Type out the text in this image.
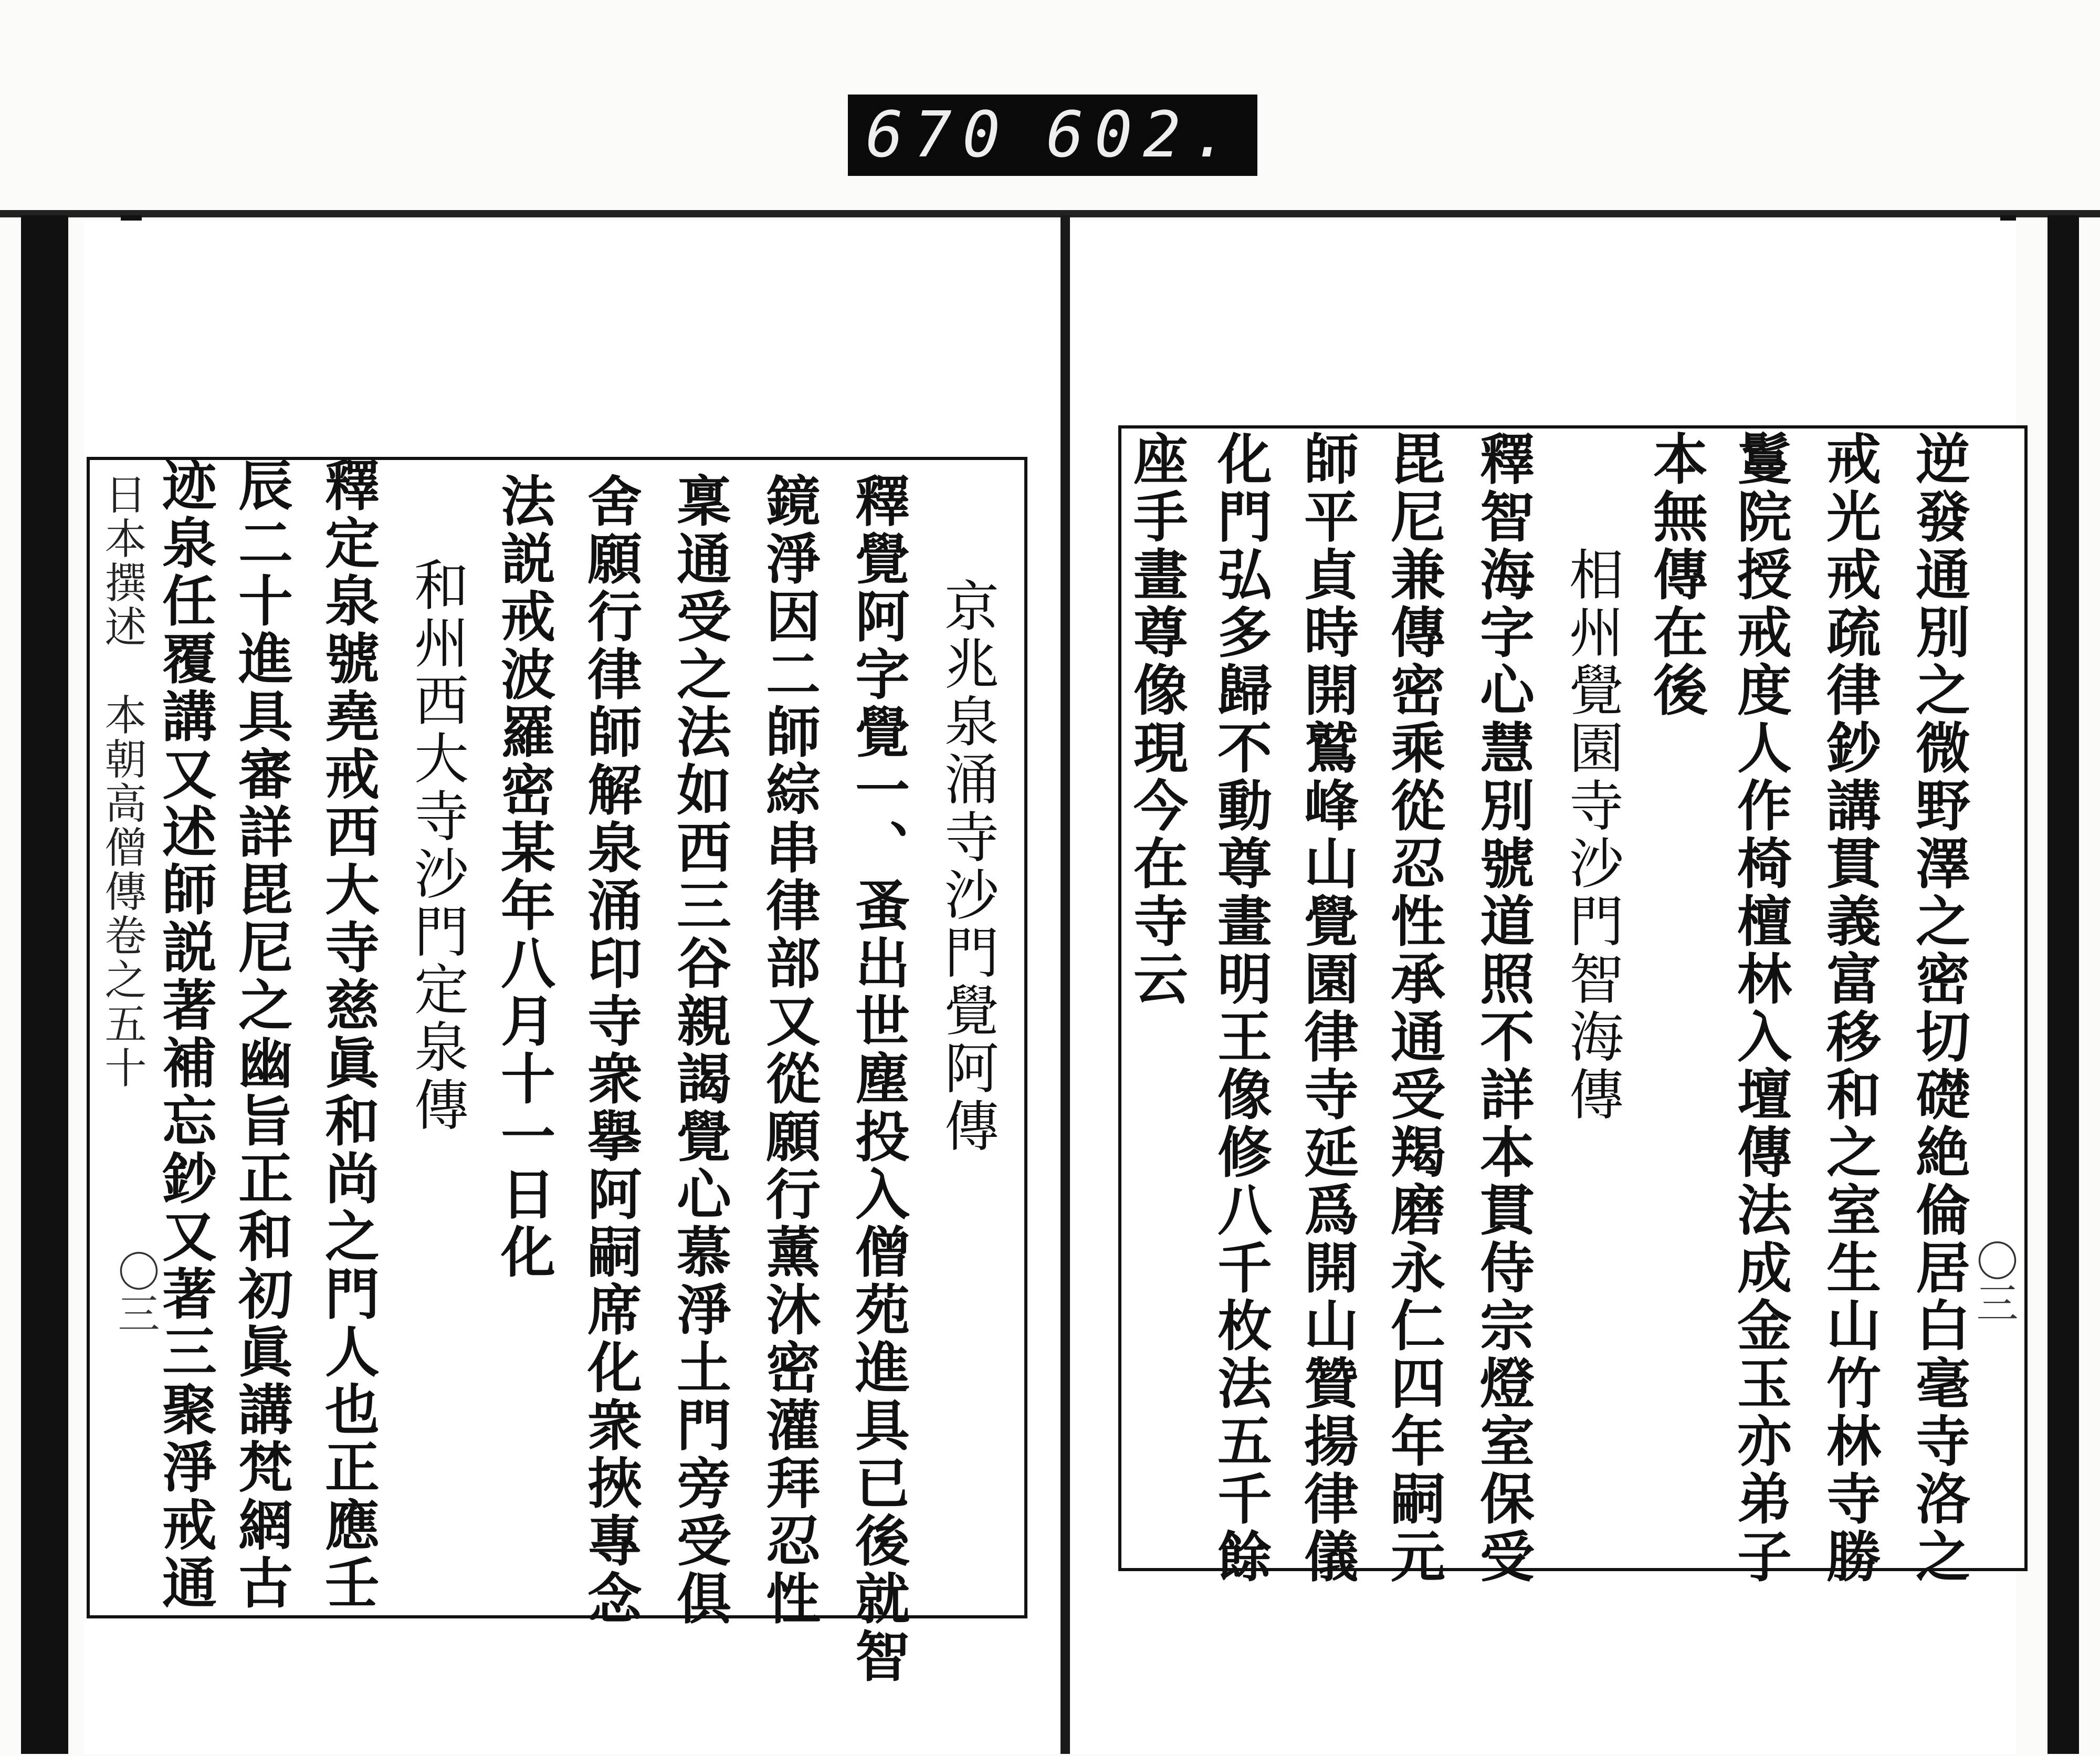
670 602.
日本撰述　本朝高僧傳卷之五十
〇三
京兆泉涌寺沙門覺阿傳
釋覺阿字覺一、蚤出世塵投入僧苑進具已後就智
鏡淨因二師綜串律部又從願行薰沐密灌拜忍性
稟通受之法如西三谷親謁覺心慕淨土門旁受俱
舍願行律師解泉涌印寺衆擧阿嗣席化衆挾專念
法説戒波羅密某年八月十一日化
和州西大寺沙門定泉傳
釋定泉號堯戒西大寺慈眞和尚之門人也正應壬
辰二十進具審詳毘尼之幽旨正和初眞講梵網古
迹泉任覆講又述師説著補忘鈔又著三聚淨戒通	〇三
逆發通別之微野澤之密切礎絶倫居白毫寺洛之
戒光戒疏律鈔講貫義富移和之室生山竹林寺勝
鬘院授戒度人作椅檀林入壇傳法成金玉亦弟子
本無傳在後
相州覺園寺沙門智海傳
釋智海字心慧別號道照不詳本貫侍宗燈室保受
毘尼兼傳密乘從忍性承通受羯磨永仁四年嗣元
師平貞時開鷲峰山覺園律寺延爲開山贊揚律儀
化門弘多歸不動尊畫明王像修八千枚法五千餘
座手畫尊像現今在寺云
